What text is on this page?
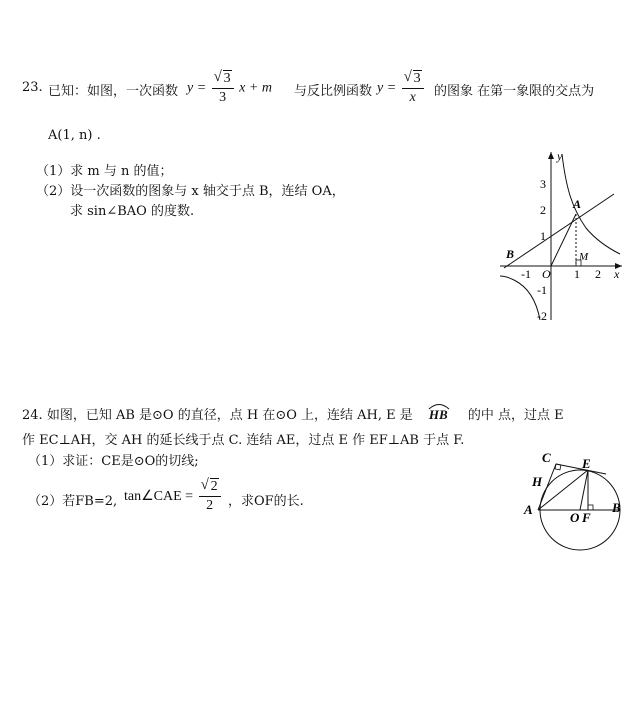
23. 已知：如图，一次函数 $y = \frac{√ 3}{3}$ x + m 与反比例函数 $y = \frac{√ 3}{x}$ 的图象 在第一象限的交点为
A(1, n) .
（1）求 m 与 n 的值；
（2）设一次函数的图象与 x 轴交于点 B，连结 OA，
求 sin∠BAO 的度数.
y
x
3
2
1
-1
-2
-1 O 1 2
A
B	M
24. 如图，已知 AB 是⊙O 的直径，点 H 在⊙O 上，连结 AH, E 是 HB 的中 点，过点 E
作 EC⊥AH，交 AH 的延长线于点 C. 连结 AE，过点 E 作 EF⊥AB 于点 F.
（1）求证：CE是⊙O的切线;
（2）若FB=2, tan∠CAE = $\frac{√ 2}{2}$ ，求OF的长.
C E
H
A
O F
B
